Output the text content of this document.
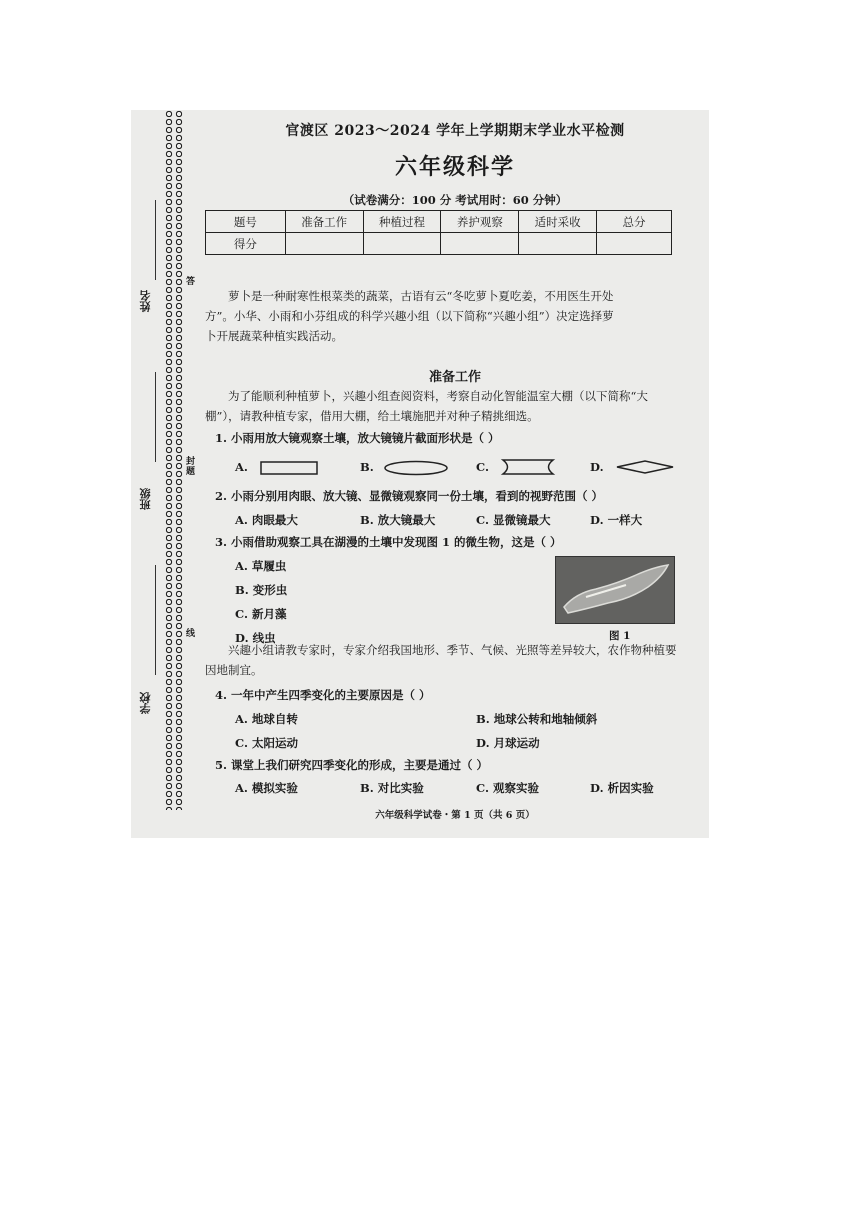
姓名
班级
学校
答
封题
线
官渡区 2023～2024 学年上学期期末学业水平检测
六年级科学
（试卷满分：100 分 考试用时：60 分钟）
题号	准备工作	种植过程	养护观察	适时采收	总分
得分					
萝卜是一种耐寒性根菜类的蔬菜，古语有云“冬吃萝卜夏吃姜，不用医生开处方”。小华、小雨和小芬组成的科学兴趣小组（以下简称“兴趣小组”）决定选择萝卜开展蔬菜种植实践活动。
准备工作
为了能顺利种植萝卜，兴趣小组查阅资料，考察自动化智能温室大棚（以下简称“大棚”），请教种植专家，借用大棚，给土壤施肥并对种子精挑细选。
1. 小雨用放大镜观察土壤，放大镜镜片截面形状是（ ）
A.	B.	C.	D.
2. 小雨分别用肉眼、放大镜、显微镜观察同一份土壤，看到的视野范围（ ）
A. 肉眼最大	B. 放大镜最大	C. 显微镜最大	D. 一样大
3. 小雨借助观察工具在湖漫的土壤中发现图 1 的微生物，这是（ ）
A. 草履虫
B. 变形虫
C. 新月藻
D. 线虫	图 1
兴趣小组请教专家时，专家介绍我国地形、季节、气候、光照等差异较大，农作物种植要因地制宜。
4. 一年中产生四季变化的主要原因是（ ）
A. 地球自转	B. 地球公转和地轴倾斜
C. 太阳运动	D. 月球运动
5. 课堂上我们研究四季变化的形成，主要是通过（ ）
A. 模拟实验	B. 对比实验	C. 观察实验	D. 析因实验
六年级科学试卷・第 1 页（共 6 页）
